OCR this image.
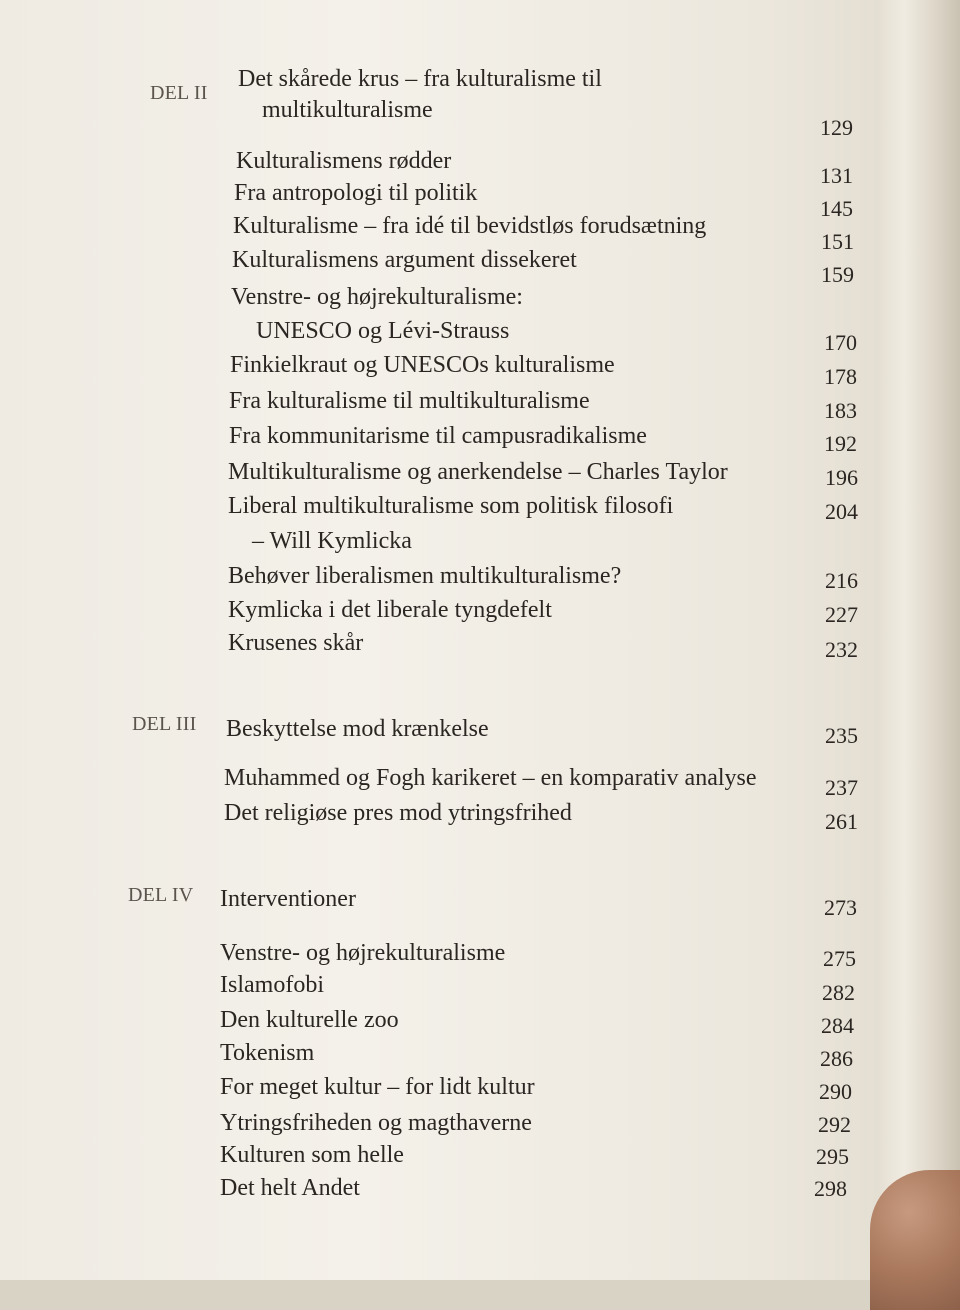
DEL II
Det skårede krus – fra kulturalisme til
multikulturalisme
129
Kulturalismens rødder
131
Fra antropologi til politik
145
Kulturalisme – fra idé til bevidstløs forudsætning
151
Kulturalismens argument dissekeret
159
Venstre- og højrekulturalisme:
UNESCO og Lévi-Strauss	170
Finkielkraut og UNESCOs kulturalisme	178
Fra kulturalisme til multikulturalisme	183
Fra kommunitarisme til campusradikalisme	192
Multikulturalisme og anerkendelse – Charles Taylor	196
Liberal multikulturalisme som politisk filosofi
– Will Kymlicka
204
Behøver liberalismen multikulturalisme?	216
Kymlicka i det liberale tyngdefelt	227
Krusenes skår	232
DEL III Beskyttelse mod krænkelse	235
Muhammed og Fogh karikeret – en komparativ analyse	237
Det religiøse pres mod ytringsfrihed	261
DEL IV Interventioner	273
Venstre- og højrekulturalisme	275
Islamofobi	282
Den kulturelle zoo	284
Tokenism	286
For meget kultur – for lidt kultur	290
Ytringsfriheden og magthaverne	292
Kulturen som helle	295
Det helt Andet	298
